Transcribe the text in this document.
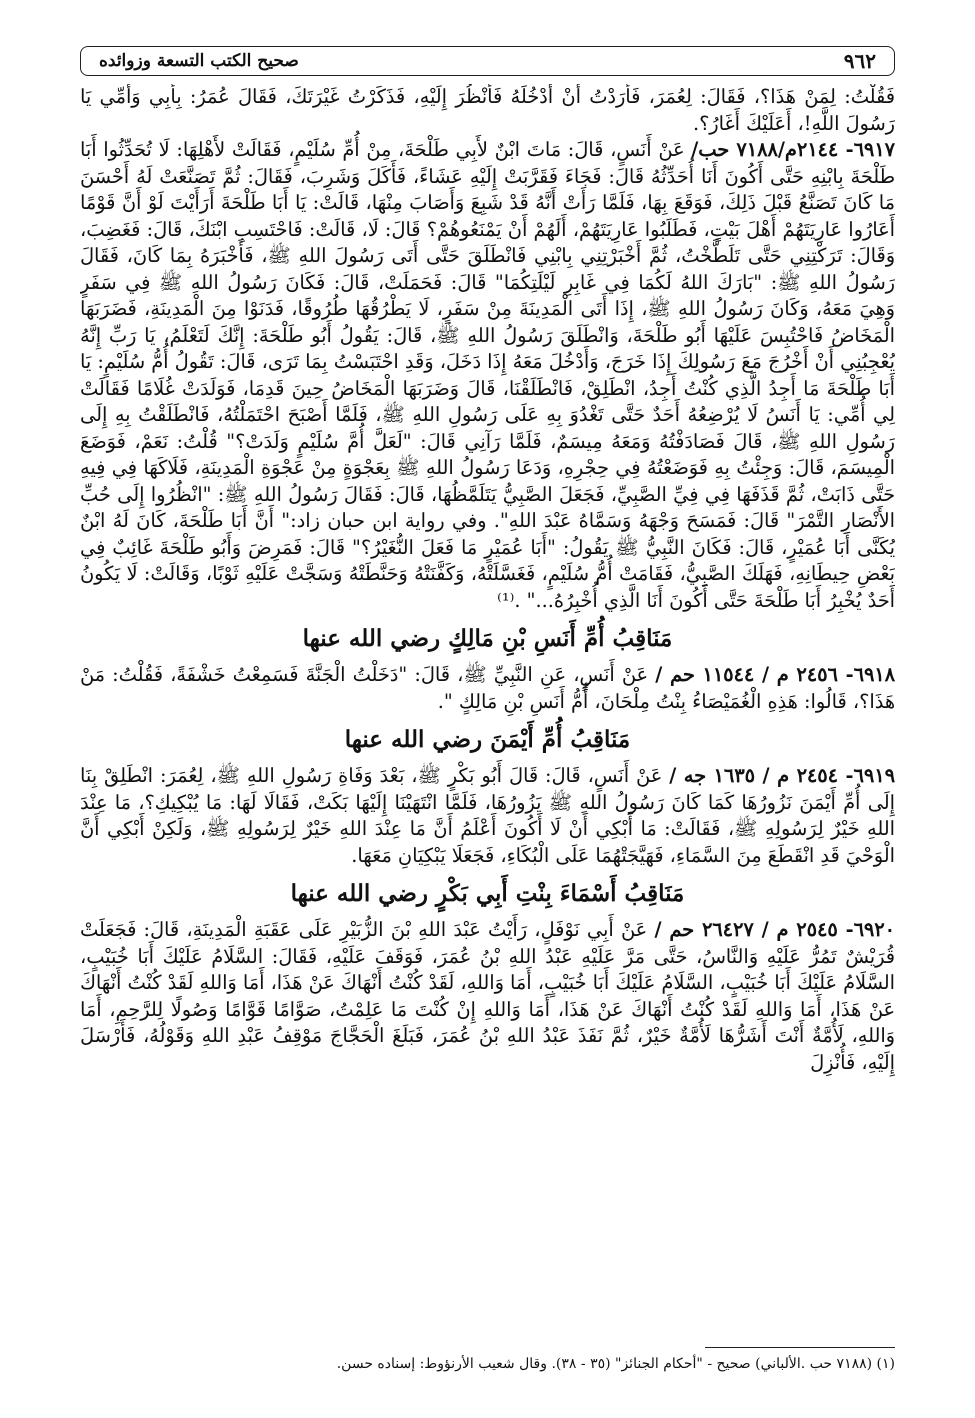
٩٦٢
صحيح الكتب التسعة وزوائده

فَقُلْتُ: لِمَنْ هَذَا؟، فَقَالَ: لِعُمَرَ، فَأَرَدْتُ أَنْ أَدْخُلَهُ فَأَنْظُرَ إِلَيْهِ، فَذَكَرْتُ غَيْرَتَكَ، فَقَالَ عُمَرُ: بِأَبِي وَأُمِّي يَا رَسُولَ اللَّهِ!، أَعَلَيْكَ أَغَارُ؟.

٦٩١٧- ٢١٤٤م/٧١٨٨ حب/ عَنْ أَنَسٍ، قَالَ: مَاتَ ابْنٌ لأَبِي طَلْحَةَ، مِنْ أُمِّ سُلَيْمٍ، فَقَالَتْ لأَهْلِهَا: لَا تُحَدِّثُوا أَبَا طَلْحَةَ بِابْنِهِ حَتَّى أَكُونَ أَنَا أُحَدِّثُهُ قَالَ: فَجَاءَ فَقَرَّبَتْ إِلَيْهِ عَشَاءً، فَأَكَلَ وَشَرِبَ، فَقَالَ: ثُمَّ تَصَنَّعَتْ لَهُ أَحْسَنَ مَا كَانَ تَصَنَّعُ قَبْلَ ذَلِكَ، فَوَقَعَ بِهَا، فَلَمَّا رَأَتْ أَنَّهُ قَدْ شَبِعَ وَأَصَابَ مِنْهَا، قَالَتْ: يَا أَبَا طَلْحَةَ أَرَأَيْتَ لَوْ أَنَّ قَوْمًا أَعَارُوا عَارِيَتَهُمْ أَهْلَ بَيْتٍ، فَطَلَبُوا عَارِيَتَهُمْ، أَلَهُمْ أَنْ يَمْنَعُوهُمْ؟ قَالَ: لَا، قَالَتْ: فَاحْتَسِبِ ابْنَكَ، قَالَ: فَغَضِبَ، وَقَالَ: تَرَكْتِنِي حَتَّى تَلَطَّخْتُ، ثُمَّ أَخْبَرْتِنِي بِابْنِي فَانْطَلَقَ حَتَّى أَتَى رَسُولَ اللهِ ﷺ، فَأَخْبَرَهُ بِمَا كَانَ، فَقَالَ رَسُولُ اللهِ ﷺ: "بَارَكَ اللهُ لَكُمَا فِي غَابِرِ لَيْلَتِكُمَا" قَالَ: فَحَمَلَتْ، قَالَ: فَكَانَ رَسُولُ اللهِ ﷺ فِي سَفَرٍ وَهِيَ مَعَهُ، وَكَانَ رَسُولُ اللهِ ﷺ، إِذَا أَتَى الْمَدِينَةَ مِنْ سَفَرٍ، لَا يَطْرُقُهَا طُرُوقًا، فَدَنَوْا مِنَ الْمَدِينَةِ، فَضَرَبَهَا الْمَخَاضُ فَاحْتُبِسَ عَلَيْهَا أَبُو طَلْحَةَ، وَانْطَلَقَ رَسُولُ اللهِ ﷺ، قَالَ: يَقُولُ أَبُو طَلْحَةَ: إِنَّكَ لَتَعْلَمُ، يَا رَبِّ إِنَّهُ يُعْجِبُنِي أَنْ أَخْرُجَ مَعَ رَسُولِكَ إِذَا خَرَجَ، وَأَدْخُلَ مَعَهُ إِذَا دَخَلَ، وَقَدِ احْتَبَسْتُ بِمَا تَرَى، قَالَ: تَقُولُ أُمُّ سُلَيْمٍ: يَا أَبَا طَلْحَةَ مَا أَجِدُ الَّذِي كُنْتُ أَجِدُ، انْطَلِقْ، فَانْطَلَقْنَا، قَالَ وَضَرَبَهَا الْمَخَاضُ حِينَ قَدِمَا، فَوَلَدَتْ غُلَامًا فَقَالَتْ لِي أُمِّي: يَا أَنَسُ لَا يُرْضِعُهُ أَحَدٌ حَتَّى تَغْدُوَ بِهِ عَلَى رَسُولِ اللهِ ﷺ، فَلَمَّا أَصْبَحَ احْتَمَلْتُهُ، فَانْطَلَقْتُ بِهِ إِلَى رَسُولِ اللهِ ﷺ، قَالَ فَصَادَفْتُهُ وَمَعَهُ مِيسَمٌ، فَلَمَّا رَآنِي قَالَ: "لَعَلَّ أُمَّ سُلَيْمٍ وَلَدَتْ؟" قُلْتُ: نَعَمْ، فَوَضَعَ الْمِيسَمَ، قَالَ: وَجِئْتُ بِهِ فَوَضَعْتُهُ فِي حِجْرِهِ، وَدَعَا رَسُولُ اللهِ ﷺ بِعَجْوَةٍ مِنْ عَجْوَةِ الْمَدِينَةِ، فَلَاكَهَا فِي فِيهِ حَتَّى ذَابَتْ، ثُمَّ قَذَفَهَا فِي فِيِّ الصَّبِيِّ، فَجَعَلَ الصَّبِيُّ يَتَلَمَّظُهَا، قَالَ: فَقَالَ رَسُولُ اللهِ ﷺ: "انْظُرُوا إِلَى حُبِّ الأَنْصَارِ التَّمْرَ" قَالَ: فَمَسَحَ وَجْهَهُ وَسَمَّاهُ عَبْدَ اللهِ". وفي رواية ابن حبان زاد:" أَنَّ أَبَا طَلْحَةَ، كَانَ لَهُ ابْنٌ يُكَنَّى أَبَا عُمَيْرٍ، قَالَ: فَكَانَ النَّبِيُّ ﷺ يَقُولُ: "أَبَا عُمَيْرٍ مَا فَعَلَ النُّغَيْرُ؟" قَالَ: فَمَرِضَ وَأَبُو طَلْحَةَ غَائِبٌ فِي بَعْضِ حِيطَانِهِ، فَهَلَكَ الصَّبِيُّ، فَقَامَتْ أُمُّ سُلَيْمٍ، فَغَسَّلَتْهُ، وَكَفَّنَتْهُ وَحَنَّطَتْهُ وَسَجَّتْ عَلَيْهِ ثَوْبًا، وَقَالَتْ: لَا يَكُونُ أَحَدٌ يُخْبِرُ أَبَا طَلْحَةَ حَتَّى أَكُونَ أَنَا الَّذِي أُخْبِرُهُ..." .⁽¹⁾

مَنَاقِبُ أُمِّ أَنَسِ بْنِ مَالِكٍ رضي الله عنها

٦٩١٨- ٢٤٥٦ م / ١١٥٤٤ حم / عَنْ أَنَسٍ، عَنِ النَّبِيِّ ﷺ، قَالَ: "دَخَلْتُ الْجَنَّةَ فَسَمِعْتُ خَشْفَةً، فَقُلْتُ: مَنْ هَذَا؟، قَالُوا: هَذِهِ الْغُمَيْصَاءُ بِنْتُ مِلْحَانَ، أُمُّ أَنَسِ بْنِ مَالِكٍ ".

مَنَاقِبُ أُمِّ أَيْمَنَ رضي الله عنها

٦٩١٩- ٢٤٥٤ م / ١٦٣٥ جه / عَنْ أَنَسٍ، قَالَ: قَالَ أَبُو بَكْرٍ ﷺ، بَعْدَ وَفَاةِ رَسُولِ اللهِ ﷺ، لِعُمَرَ: انْطَلِقْ بِنَا إِلَى أُمِّ أَيْمَنَ نَزُورُهَا كَمَا كَانَ رَسُولُ اللهِ ﷺ يَزُورُهَا، فَلَمَّا انْتَهَيْنَا إِلَيْهَا بَكَتْ، فَقَالَا لَهَا: مَا يُبْكِيكِ؟، مَا عِنْدَ اللهِ خَيْرٌ لِرَسُولِهِ ﷺ، فَقَالَتْ: مَا أَبْكِي أَنْ لَا أَكُونَ أَعْلَمُ أَنَّ مَا عِنْدَ اللهِ خَيْرٌ لِرَسُولِهِ ﷺ، وَلَكِنْ أَبْكِي أَنَّ الْوَحْيَ قَدِ انْقَطَعَ مِنَ السَّمَاءِ، فَهَيَّجَتْهُمَا عَلَى الْبُكَاءِ، فَجَعَلَا يَبْكِيَانِ مَعَهَا.

مَنَاقِبُ أَسْمَاءَ بِنْتِ أَبِي بَكْرٍ رضي الله عنها

٦٩٢٠- ٢٥٤٥ م / ٢٦٤٢٧ حم / عَنْ أَبِي نَوْفَلٍ، رَأَيْتُ عَبْدَ اللهِ بْنَ الزُّبَيْرِ عَلَى عَقَبَةِ الْمَدِينَةِ، قَالَ: فَجَعَلَتْ قُرَيْشٌ تَمُرُّ عَلَيْهِ وَالنَّاسُ، حَتَّى مَرَّ عَلَيْهِ عَبْدُ اللهِ بْنُ عُمَرَ، فَوَقَفَ عَلَيْهِ، فَقَالَ: السَّلَامُ عَلَيْكَ أَبَا خُبَيْبٍ، السَّلَامُ عَلَيْكَ أَبَا خُبَيْبٍ، السَّلَامُ عَلَيْكَ أَبَا خُبَيْبٍ، أَمَا وَاللهِ، لَقَدْ كُنْتُ أَنْهَاكَ عَنْ هَذَا، أَمَا وَاللهِ لَقَدْ كُنْتُ أَنْهَاكَ عَنْ هَذَا، أَمَا وَاللهِ لَقَدْ كُنْتُ أَنْهَاكَ عَنْ هَذَا، أَمَا وَاللهِ إِنْ كُنْتَ مَا عَلِمْتُ، صَوَّامًا قَوَّامًا وَصُولًا لِلرَّحِمِ، أَمَا وَاللهِ، لَأُمَّةٌ أَنْتَ أَشَرُّهَا لَأُمَّةٌ خَيْرٌ، ثُمَّ نَفَذَ عَبْدُ اللهِ بْنُ عُمَرَ، فَبَلَغَ الْحَجَّاجَ مَوْقِفُ عَبْدِ اللهِ وَقَوْلُهُ، فَأَرْسَلَ إِلَيْهِ، فَأُنْزِلَ

(١) (٧١٨٨ حب .الألباني) صحيح - "أحكام الجنائز" (٣٥ - ٣٨). وقال شعيب الأرنؤوط: إسناده حسن.
